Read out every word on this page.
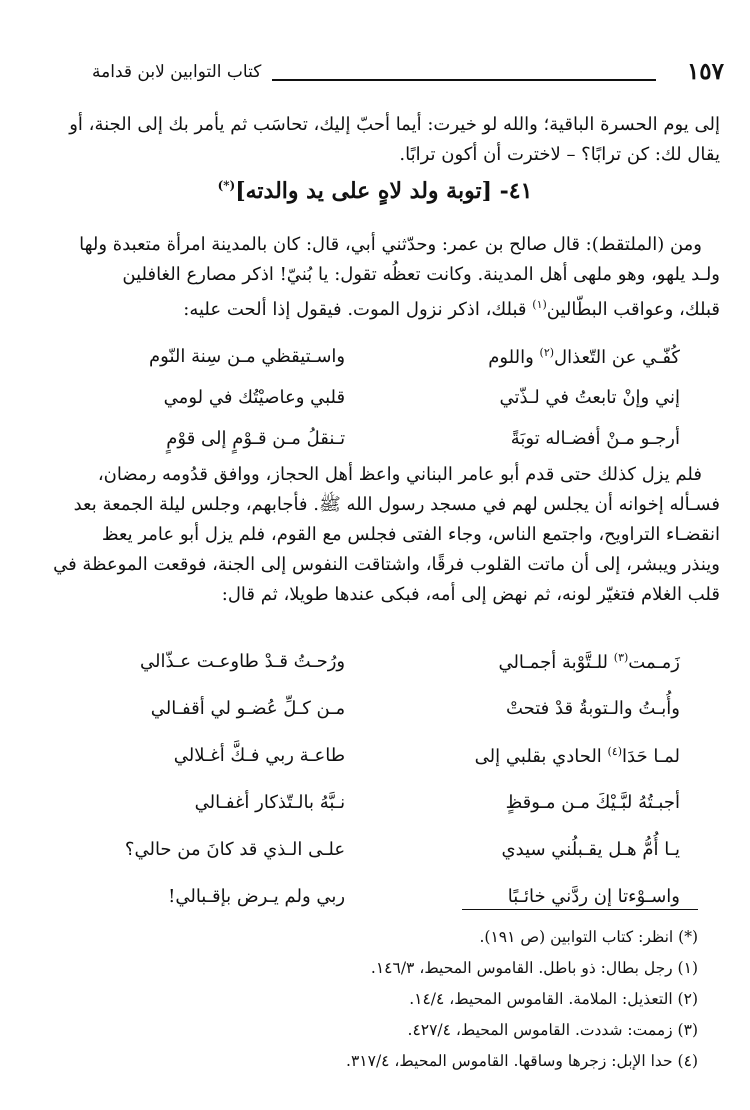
١٥٧
كتاب التوابين لابن قدامة

إلى يوم الحسرة الباقية؛ والله لو خيرت: أيما أحبّ إليك، تحاسَب ثم يأمر بك إلى الجنة، أو

يقال لك: كن ترابًا؟ – لاخترت أن أكون ترابًا.

٤١- [توبة ولد لاهٍ على يد والدته](*)

ومن (الملتقط): قال صالح بن عمر: وحدّثني أبي، قال: كان بالمدينة امرأة متعبدة ولها

ولـد يلهو، وهو ملهى أهل المدينة. وكانت تعظُه تقول: يا بُنيّ! اذكر مصارع الغافلين

قبلك، وعواقب البطّالين$^{(١)}$ قبلك، اذكر نزول الموت. فيقول إذا ألحت عليه:

كُفّـي عن التّعذال$^{(٢)}$ واللوم
واسـتيقظي مـن سِنة النّوم
إني وإنْ تابعتُ في لـذّتي
قلبي وعاصيْتُك في لومي
أرجـو مـنْ أفضـاله توبَةً
تـنقلُ مـن قـوْمٍ إلى قوْمٍ

فلم يزل كذلك حتى قدم أبو عامر البناني واعظ أهل الحجاز، ووافق قدُومه رمضان،

فسـأله إخوانه أن يجلس لهم في مسجد رسول الله ﷺ. فأجابهم، وجلس ليلة الجمعة بعد

انقضـاء التراويح، واجتمع الناس، وجاء الفتى فجلس مع القوم، فلم يزل أبو عامر يعظ

وينذر ويبشر، إلى أن ماتت القلوب فرقًا، واشتاقت النفوس إلى الجنة، فوقعت الموعظة في

قلب الغلام فتغيّر لونه، ثم نهض إلى أمه، فبكى عندها طويلا، ثم قال:

زَمـمت$^{(٣)}$ للـتَّوْبة أجمـالي
ورُحـتُ قـدْ طاوعـت عـذّالي
وأُبـتُ والـتوبةُ قدْ فتحتْ
مـن كـلِّ عُضـو لي أقفـالي
لمـا حَدَا$^{(٤)}$ الحادي بقلبي إلى
طاعـة ربي فـكَّ أغـلالي
أجبـتُهُ لبَّـيْكَ مـن مـوقظٍ
نـبَّهُ بالـتّذكار أغفـالي
يـا أُمُّ هـل يقـبلُني سيدي
علـى الـذي قد كانَ من حالي؟
واسـوْءتا إن ردَّني خائـبًا
ربي ولم يـرض بإقـبالي!
(*) انظر: كتاب التوابين (ص ١٩١).
(١) رجل بطال: ذو باطل. القاموس المحيط، ١٤٦/٣.
(٢) التعذيل: الملامة. القاموس المحيط، ١٤/٤.
(٣) زممت: شددت. القاموس المحيط، ٤٢٧/٤.
(٤) حدا الإبل: زجرها وساقها. القاموس المحيط، ٣١٧/٤.
